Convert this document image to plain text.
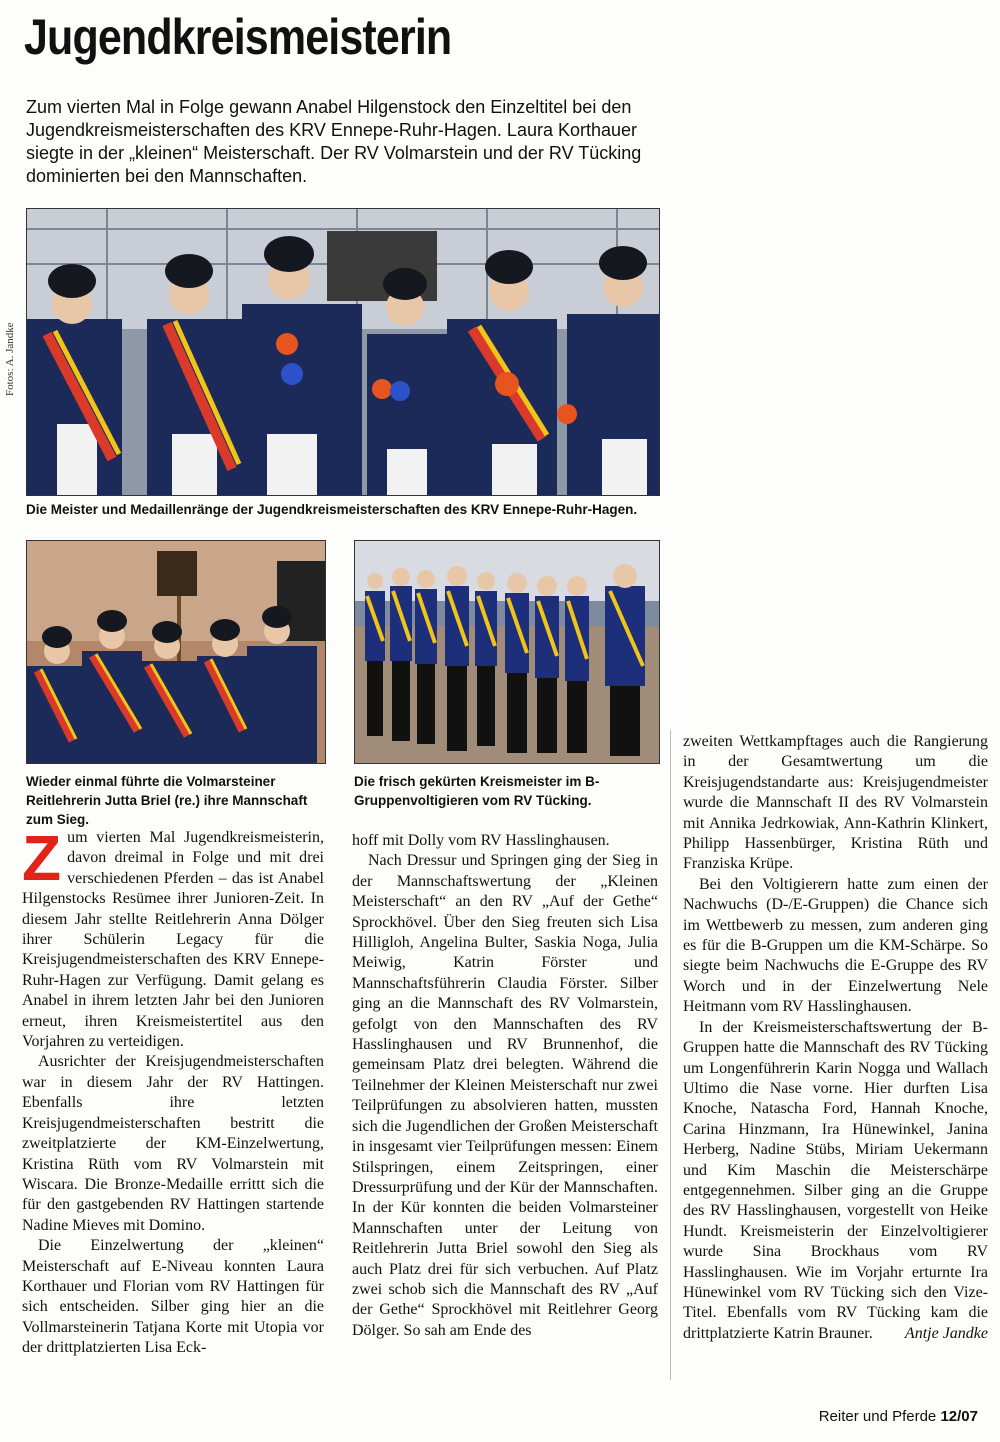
Jugendkreismeisterin
Zum vierten Mal in Folge gewann Anabel Hilgenstock den Einzeltitel bei den Jugendkreismeisterschaften des KRV Ennepe-Ruhr-Hagen. Laura Korthauer siegte in der „kleinen“ Meisterschaft. Der RV Volmarstein und der RV Tücking dominierten bei den Mannschaften.
Fotos: A. Jandke
Die Meister und Medaillenränge der Jugendkreismeisterschaften des KRV Ennepe-Ruhr-Hagen.
Wieder einmal führte die Volmarsteiner Reitlehrerin Jutta Briel (re.) ihre Mannschaft zum Sieg.
Die frisch gekürten Kreismeister im B-Gruppenvoltigieren vom RV Tücking.

Zum vierten Mal Jugendkreismeisterin, davon dreimal in Folge und mit drei verschiedenen Pferden – das ist Anabel Hilgenstocks Resümee ihrer Junioren-Zeit. In diesem Jahr stellte Reitlehrerin Anna Dölger ihrer Schülerin Legacy für die Kreisjugendmeisterschaften des KRV Ennepe-Ruhr-Hagen zur Verfügung. Damit gelang es Anabel in ihrem letzten Jahr bei den Junioren erneut, ihren Kreismeistertitel aus den Vorjahren zu verteidigen.

Ausrichter der Kreisjugendmeisterschaften war in diesem Jahr der RV Hattingen. Ebenfalls ihre letzten Kreisjugendmeisterschaften bestritt die zweitplatzierte der KM-Einzelwertung, Kristina Rüth vom RV Volmarstein mit Wiscara. Die Bronze-Medaille errittt sich die für den gastgebenden RV Hattingen startende Nadine Mieves mit Domino.

Die Einzelwertung der „kleinen“ Meisterschaft auf E-Niveau konnten Laura Korthauer und Florian vom RV Hattingen für sich entscheiden. Silber ging hier an die Vollmarsteinerin Tatjana Korte mit Utopia vor der drittplatzierten Lisa Eck-

hoff mit Dolly vom RV Hasslinghausen.

Nach Dressur und Springen ging der Sieg in der Mannschaftswertung der „Kleinen Meisterschaft“ an den RV „Auf der Gethe“ Sprockhövel. Über den Sieg freuten sich Lisa Hilligloh, Angelina Bulter, Saskia Noga, Julia Meiwig, Katrin Förster und Mannschaftsführerin Claudia Förster. Silber ging an die Mannschaft des RV Volmarstein, gefolgt von den Mannschaften des RV Hasslinghausen und RV Brunnenhof, die gemeinsam Platz drei belegten. Während die Teilnehmer der Kleinen Meisterschaft nur zwei Teilprüfungen zu absolvieren hatten, mussten sich die Jugendlichen der Großen Meisterschaft in insgesamt vier Teilprüfungen messen: Einem Stilspringen, einem Zeitspringen, einer Dressurprüfung und der Kür der Mannschaften. In der Kür konnten die beiden Volmarsteiner Mannschaften unter der Leitung von Reitlehrerin Jutta Briel sowohl den Sieg als auch Platz drei für sich verbuchen. Auf Platz zwei schob sich die Mannschaft des RV „Auf der Gethe“ Sprockhövel mit Reitlehrer Georg Dölger. So sah am Ende des

zweiten Wettkampftages auch die Rangierung in der Gesamtwertung um die Kreisjugendstandarte aus: Kreisjugendmeister wurde die Mannschaft II des RV Volmarstein mit Annika Jedrkowiak, Ann-Kathrin Klinkert, Philipp Hassenbürger, Kristina Rüth und Franziska Krüpe.

Bei den Voltigierern hatte zum einen der Nachwuchs (D-/E-Gruppen) die Chance sich im Wettbewerb zu messen, zum anderen ging es für die B-Gruppen um die KM-Schärpe. So siegte beim Nachwuchs die E-Gruppe des RV Worch und in der Einzelwertung Nele Heitmann vom RV Hasslinghausen.

In der Kreismeisterschaftswertung der B-Gruppen hatte die Mannschaft des RV Tücking um Longenführerin Karin Nogga und Wallach Ultimo die Nase vorne. Hier durften Lisa Knoche, Natascha Ford, Hannah Knoche, Carina Hinzmann, Ira Hünewinkel, Janina Herberg, Nadine Stübs, Miriam Uekermann und Kim Maschin die Meisterschärpe entgegennehmen. Silber ging an die Gruppe des RV Hasslinghausen, vorgestellt von Heike Hundt. Kreismeisterin der Einzelvoltigierer wurde Sina Brockhaus vom RV Hasslinghausen. Wie im Vorjahr erturnte Ira Hünewinkel vom RV Tücking sich den Vize-Titel. Ebenfalls vom RV Tücking kam die drittplatzierte Katrin Brauner.	Antje Jandke

Reiter und Pferde 12/07
